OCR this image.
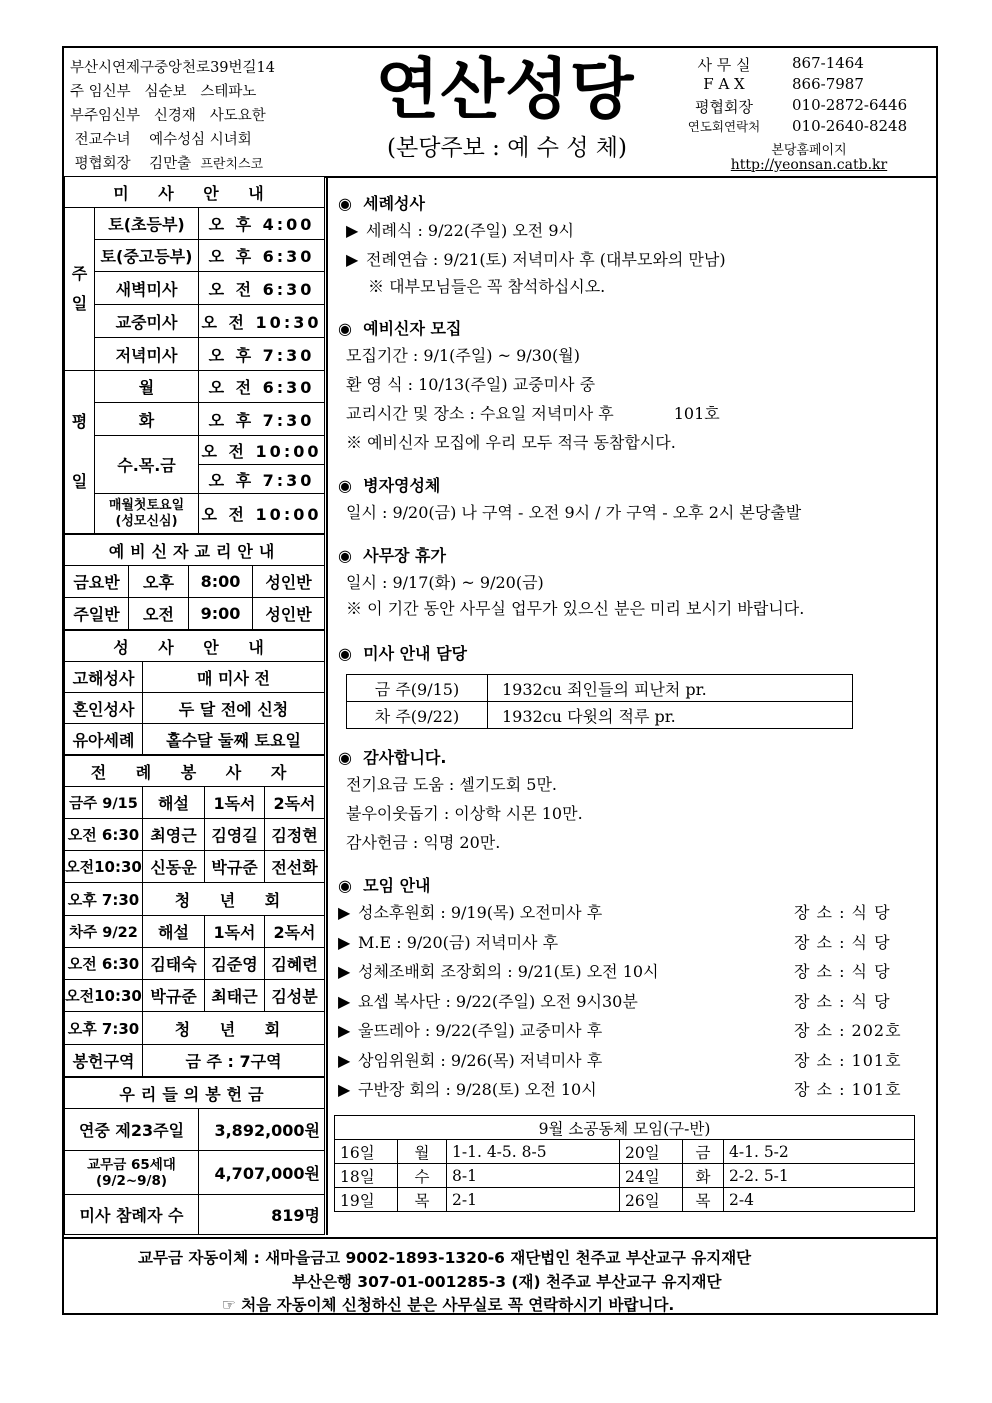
부산시연제구중앙천로39번길14
주 임신부 심순보 스테파노
부주임신부 신경재 사도요한
전교수녀 예수성심 시녀회
평협회장 김만출 프란치스코
연산성당
(본당주보 : 예 수 성 체)
사 무 실	867-1464
F A X	866-7987
평협회장	010-2872-6446
연도회연락처	010-2640-8248
본당홈페이지
http://yeonsan.catb.kr
미 사 안 내		
주
일	토(초등부)	오 후 4:00
	토(중고등부)	오 후 6:30
	새벽미사	오 전 6:30
	교중미사	오 전 10:30
	저녁미사	오 후 7:30
평

일	월	오 전 6:30
	화	오 후 7:30
	수.목.금	오 전 10:00
		오 후 7:30
	매월첫토요일
(성모신심)	오 전 10:00
예비신자교리안내			
금요반	오후	8:00	성인반
주일반	오전	9:00	성인반
성 사 안 내	
고해성사	매 미사 전
혼인성사	두 달 전에 신청
유아세례	홀수달 둘째 토요일
전 례 봉 사 자			
금주 9/15	해설	1독서	2독서
오전 6:30	최영근	김영길	김정현
오전10:30	신동운	박규준	전선화
오후 7:30	청 년 회		
차주 9/22	해설	1독서	2독서
오전 6:30	김태숙	김준영	김혜련
오전10:30	박규준	최태근	김성분
오후 7:30	청 년 회		
봉헌구역	금 주 : 7구역		
우리들의봉헌금	
연중 제23주일	3,892,000원
교무금 65세대
(9/2~9/8)	4,707,000원
미사 참례자 수	819명
◉  세례성사
▶ 세례식 : 9/22(주일) 오전 9시
▶ 전례연습 : 9/21(토) 저녁미사 후 (대부모와의 만남)
※ 대부모님들은 꼭 참석하십시오.
◉  예비신자 모집
모집기간 : 9/1(주일) ~ 9/30(월)
환 영 식 : 10/13(주일) 교중미사 중
교리시간 및 장소 : 수요일 저녁미사 후	101호
※ 예비신자 모집에 우리 모두 적극 동참합시다.
◉  병자영성체
일시 : 9/20(금) 나 구역 - 오전 9시 / 가 구역 - 오후 2시 본당출발
◉  사무장 휴가
일시 : 9/17(화) ~ 9/20(금)
※ 이 기간 동안 사무실 업무가 있으신 분은 미리 보시기 바랍니다.
◉  미사 안내 담당
금 주(9/15)	1932cu 죄인들의 피난처 pr.
차 주(9/22)	1932cu 다윗의 적루 pr.
◉  감사합니다.
전기요금 도움 : 셀기도회 5만.
불우이웃돕기 : 이상학 시몬 10만.
감사헌금 : 익명 20만.
◉  모임 안내
▶ 성소후원회 : 9/19(목) 오전미사 후	장 소 : 식 당
▶ M.E : 9/20(금) 저녁미사 후	장 소 : 식 당
▶ 성체조배회 조장회의 : 9/21(토) 오전 10시	장 소 : 식 당
▶ 요셉 복사단 : 9/22(주일) 오전 9시30분	장 소 : 식 당
▶ 울뜨레아 : 9/22(주일) 교중미사 후	장 소 : 202호
▶ 상임위원회 : 9/26(목) 저녁미사 후	장 소 : 101호
▶ 구반장 회의 : 9/28(토) 오전 10시	장 소 : 101호
9월 소공동체 모임(구-반)					
16일	월	1-1. 4-5. 8-5	20일	금	4-1. 5-2
18일	수	8-1	24일	화	2-2. 5-1
19일	목	2-1	26일	목	2-4
교무금 자동이체 : 새마을금고 9002-1893-1320-6 재단법인 천주교 부산교구 유지재단
부산은행 307-01-001285-3 (재) 천주교 부산교구 유지재단
☞ 처음 자동이체 신청하신 분은 사무실로 꼭 연락하시기 바랍니다.
